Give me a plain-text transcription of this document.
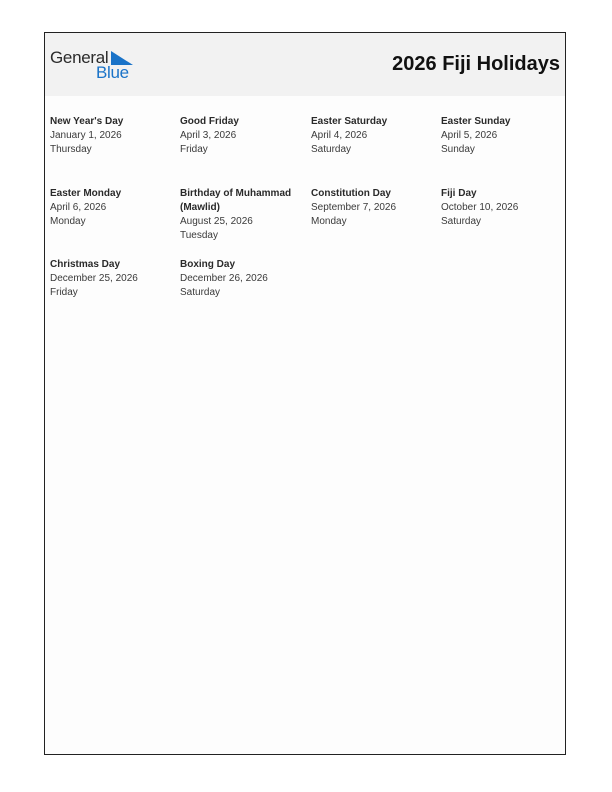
General
Blue	2026 Fiji Holidays
New Year's Day
January 1, 2026
Thursday
Good Friday
April 3, 2026
Friday
Easter Saturday
April 4, 2026
Saturday
Easter Sunday
April 5, 2026
Sunday
Easter Monday
April 6, 2026
Monday
Birthday of Muhammad (Mawlid)
August 25, 2026
Tuesday
Constitution Day
September 7, 2026
Monday
Fiji Day
October 10, 2026
Saturday
Christmas Day
December 25, 2026
Friday
Boxing Day
December 26, 2026
Saturday
